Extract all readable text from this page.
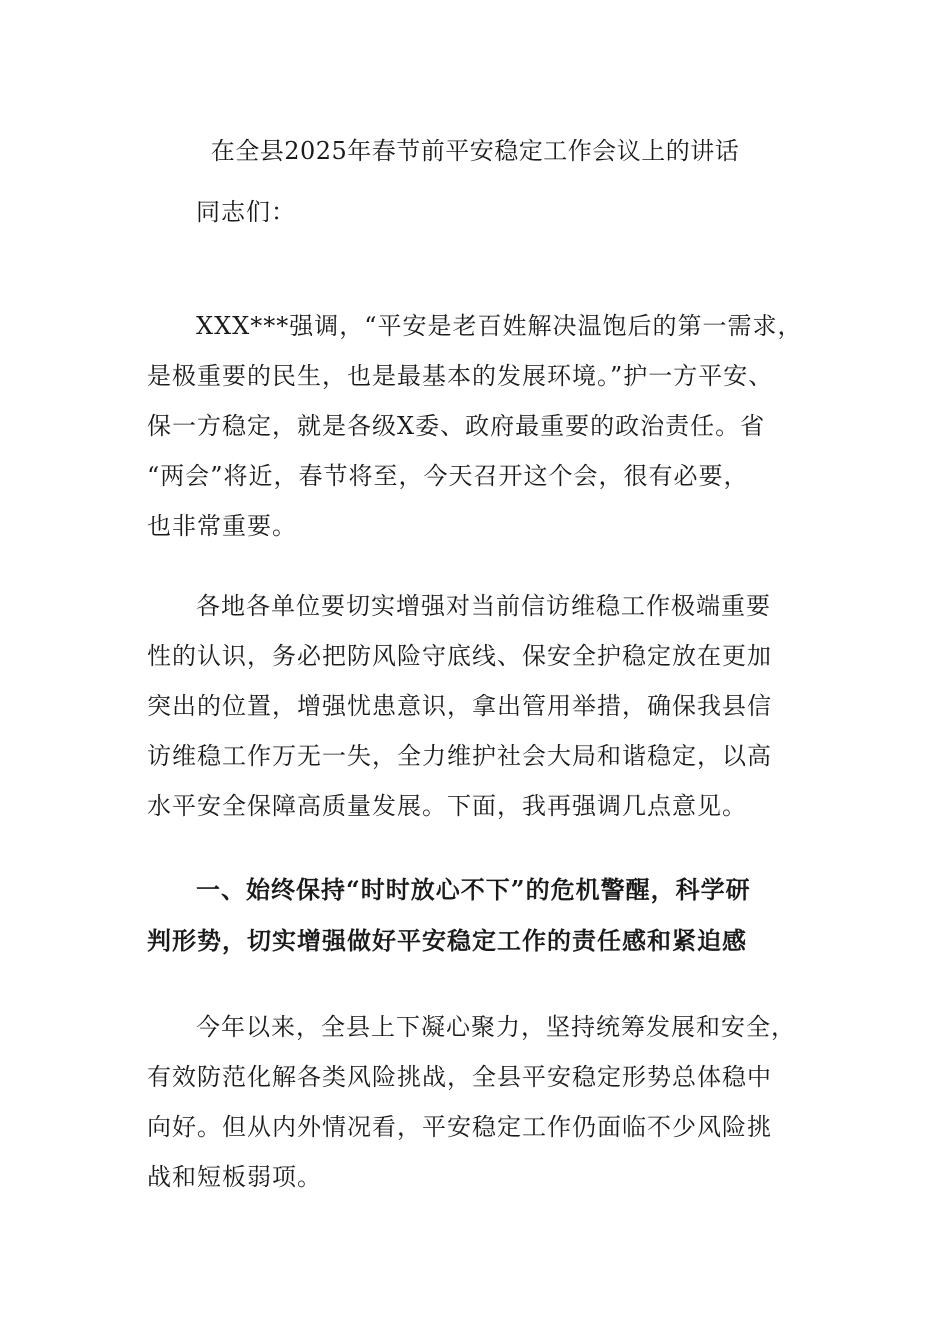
在全县2025年春节前平安稳定工作会议上的讲话
同志们：
XXX***强调，“平安是老百姓解决温饱后的第一需求，
是极重要的民生，也是最基本的发展环境。”护一方平安、
保一方稳定，就是各级X委、政府最重要的政治责任。省
“两会”将近，春节将至，今天召开这个会，很有必要，
也非常重要。
各地各单位要切实增强对当前信访维稳工作极端重要
性的认识，务必把防风险守底线、保安全护稳定放在更加
突出的位置，增强忧患意识，拿出管用举措，确保我县信
访维稳工作万无一失，全力维护社会大局和谐稳定，以高
水平安全保障高质量发展。下面，我再强调几点意见。
一、始终保持“时时放心不下”的危机警醒，科学研
判形势，切实增强做好平安稳定工作的责任感和紧迫感
今年以来，全县上下凝心聚力，坚持统筹发展和安全，
有效防范化解各类风险挑战，全县平安稳定形势总体稳中
向好。但从内外情况看，平安稳定工作仍面临不少风险挑
战和短板弱项。
